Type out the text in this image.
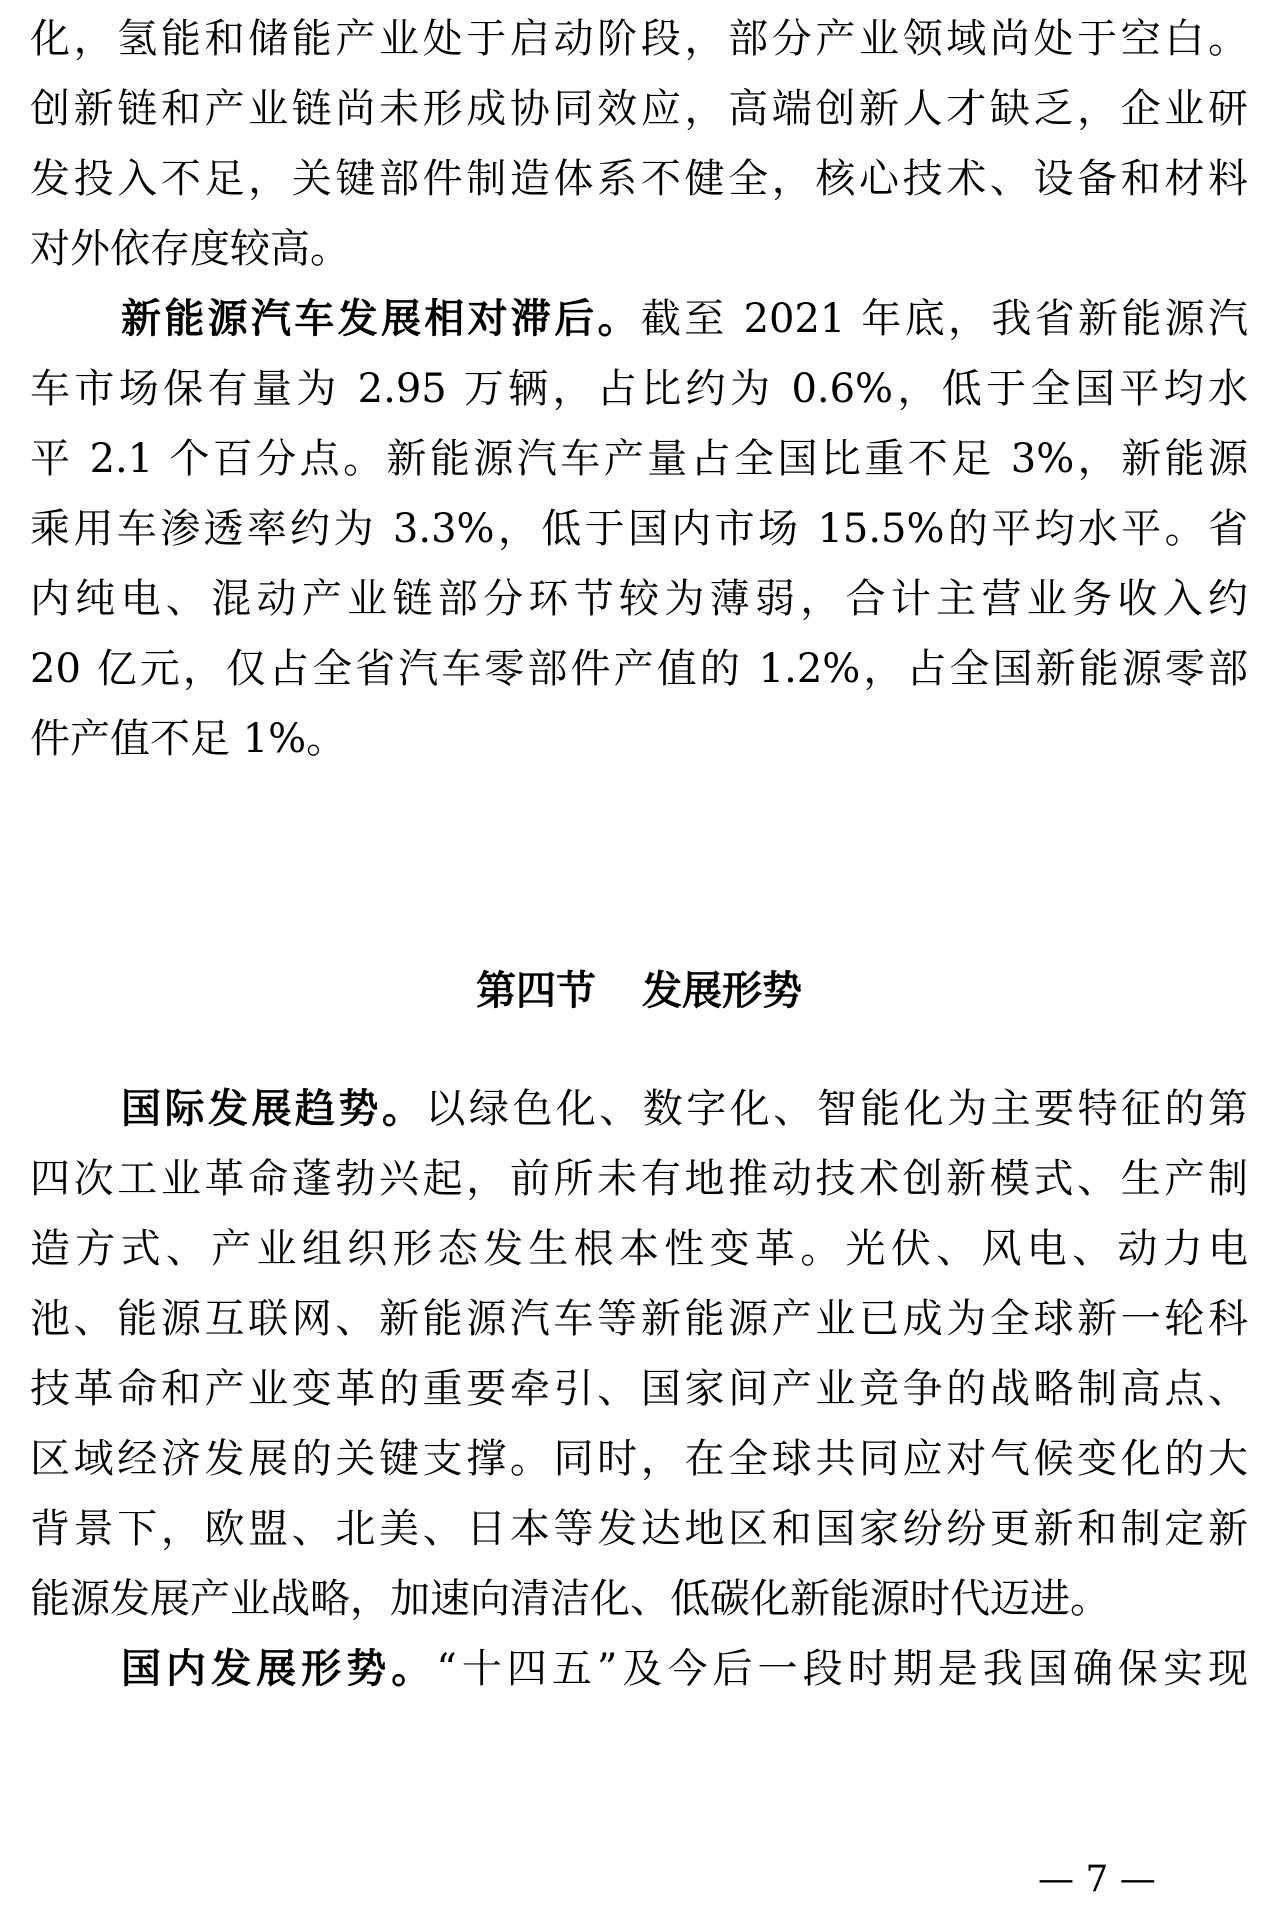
化，氢能和储能产业处于启动阶段，部分产业领域尚处于空白。
创新链和产业链尚未形成协同效应，高端创新人才缺乏，企业研
发投入不足，关键部件制造体系不健全，核心技术、设备和材料
对外依存度较高。
新能源汽车发展相对滞后。截至 2021 年底，我省新能源汽
车市场保有量为 2.95 万辆，占比约为 0.6%，低于全国平均水
平 2.1 个百分点。新能源汽车产量占全国比重不足 3%，新能源
乘用车渗透率约为 3.3%，低于国内市场 15.5%的平均水平。省
内纯电、混动产业链部分环节较为薄弱，合计主营业务收入约
20 亿元，仅占全省汽车零部件产值的 1.2%，占全国新能源零部
件产值不足 1%。
第四节 发展形势
国际发展趋势。以绿色化、数字化、智能化为主要特征的第
四次工业革命蓬勃兴起，前所未有地推动技术创新模式、生产制
造方式、产业组织形态发生根本性变革。光伏、风电、动力电
池、能源互联网、新能源汽车等新能源产业已成为全球新一轮科
技革命和产业变革的重要牵引、国家间产业竞争的战略制高点、
区域经济发展的关键支撑。同时，在全球共同应对气候变化的大
背景下，欧盟、北美、日本等发达地区和国家纷纷更新和制定新
能源发展产业战略，加速向清洁化、低碳化新能源时代迈进。
国内发展形势。“十四五”及今后一段时期是我国确保实现
— 7 —
